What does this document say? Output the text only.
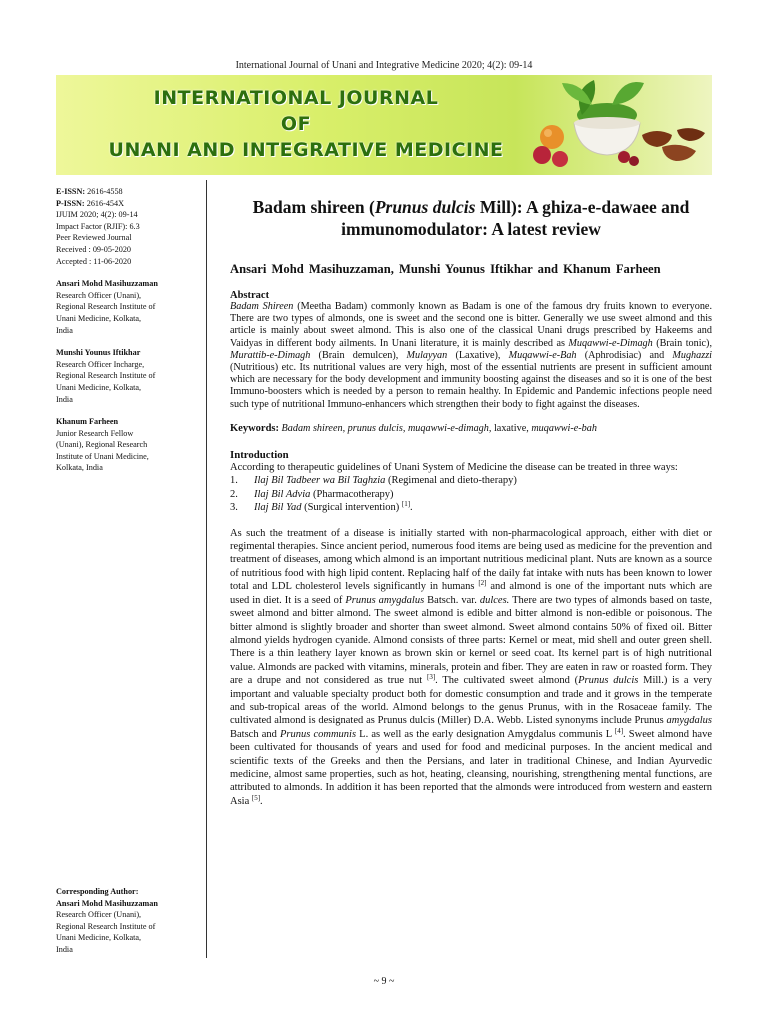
International Journal of Unani and Integrative Medicine 2020; 4(2): 09-14
INTERNATIONAL JOURNAL
OF
UNANI AND INTEGRATIVE MEDICINE
E-ISSN: 2616-4558
P-ISSN: 2616-454X
IJUIM 2020; 4(2): 09-14
Impact Factor (RJIF): 6.3
Peer Reviewed Journal
Received : 09-05-2020
Accepted : 11-06-2020
Ansari Mohd Masihuzzaman
Research Officer (Unani),
Regional Research Institute of
Unani Medicine, Kolkata,
India
Munshi Younus Iftikhar
Research Officer Incharge,
Regional Research Institute of
Unani Medicine, Kolkata,
India
Khanum Farheen
Junior Research Fellow
(Unani), Regional Research
Institute of Unani Medicine,
Kolkata, India
Corresponding Author:
Ansari Mohd Masihuzzaman
Research Officer (Unani),
Regional Research Institute of
Unani Medicine, Kolkata,
India
Badam shireen (Prunus dulcis Mill): A ghiza-e-dawaee and immunomodulator: A latest review
Ansari Mohd Masihuzzaman, Munshi Younus Iftikhar and Khanum Farheen
Abstract

Badam Shireen (Meetha Badam) commonly known as Badam is one of the famous dry fruits known to everyone. There are two types of almonds, one is sweet and the second one is bitter. Generally we use sweet almond and this article is mainly about sweet almond. This is also one of the classical Unani drugs prescribed by Hakeems and Vaidyas in different body ailments. In Unani literature, it is mainly described as Muqawwi-e-Dimagh (Brain tonic), Murattib-e-Dimagh (Brain demulcen), Mulayyan (Laxative), Muqawwi-e-Bah (Aphrodisiac) and Mughazzi (Nutritious) etc. Its nutritional values are very high, most of the essential nutrients are present in sufficient amount which are necessary for the body development and immunity boosting against the diseases and so it is one of the best Immuno-boosters which is needed by a person to remain healthy. In Epidemic and Pandemic infections people need such type of nutritional Immuno-enhancers which strengthen their body to fight against the diseases.

Keywords: Badam shireen, prunus dulcis, muqawwi-e-dimagh, laxative, muqawwi-e-bah
Introduction

According to therapeutic guidelines of Unani System of Medicine the disease can be treated in three ways:

1.	Ilaj Bil Tadbeer wa Bil Taghzia (Regimenal and dieto-therapy)
2.	Ilaj Bil Advia (Pharmacotherapy)
3.	Ilaj Bil Yad (Surgical intervention) [1].

As such the treatment of a disease is initially started with non-pharmacological approach, either with diet or regimental therapies. Since ancient period, numerous food items are being used as medicine for the prevention and treatment of diseases, among which almond is an important nutritious medicinal plant. Nuts are known as a source of nutritious food with high lipid content. Replacing half of the daily fat intake with nuts has been known to lower total and LDL cholesterol levels significantly in humans [2] and almond is one of the important nuts which are used in diet. It is a seed of Prunus amygdalus Batsch. var. dulces. There are two types of almonds based on taste, sweet almond and bitter almond. The sweet almond is edible and bitter almond is non-edible or poisonous. The bitter almond is slightly broader and shorter than sweet almond. Sweet almond contains 50% of fixed oil. Bitter almond yields hydrogen cyanide. Almond consists of three parts: Kernel or meat, mid shell and outer green shell. There is a thin leathery layer known as brown skin or kernel or seed coat. Its kernel part is of high nutritional value. Almonds are packed with vitamins, minerals, protein and fiber. They are eaten in raw or roasted form. They are a drupe and not considered as true nut [3]. The cultivated sweet almond (Prunus dulcis Mill.) is a very important and valuable specialty product both for domestic consumption and trade and it grows in the temperate and sub-tropical areas of the world. Almond belongs to the genus Prunus, with in the Rosaceae family. The cultivated almond is designated as Prunus dulcis (Miller) D.A. Webb. Listed synonyms include Prunus amygdalus Batsch and Prunus communis L. as well as the early designation Amygdalus communis L [4]. Sweet almond have been cultivated for thousands of years and used for food and medicinal purposes. In the ancient medical and scientific texts of the Greeks and then the Persians, and later in traditional Chinese, and Indian Ayurvedic medicine, almost same properties, such as hot, heating, cleansing, nourishing, strengthening mental functions, are attributed to almonds. In addition it has been reported that the almonds were introduced from western and eastern Asia [5].

~ 9 ~
